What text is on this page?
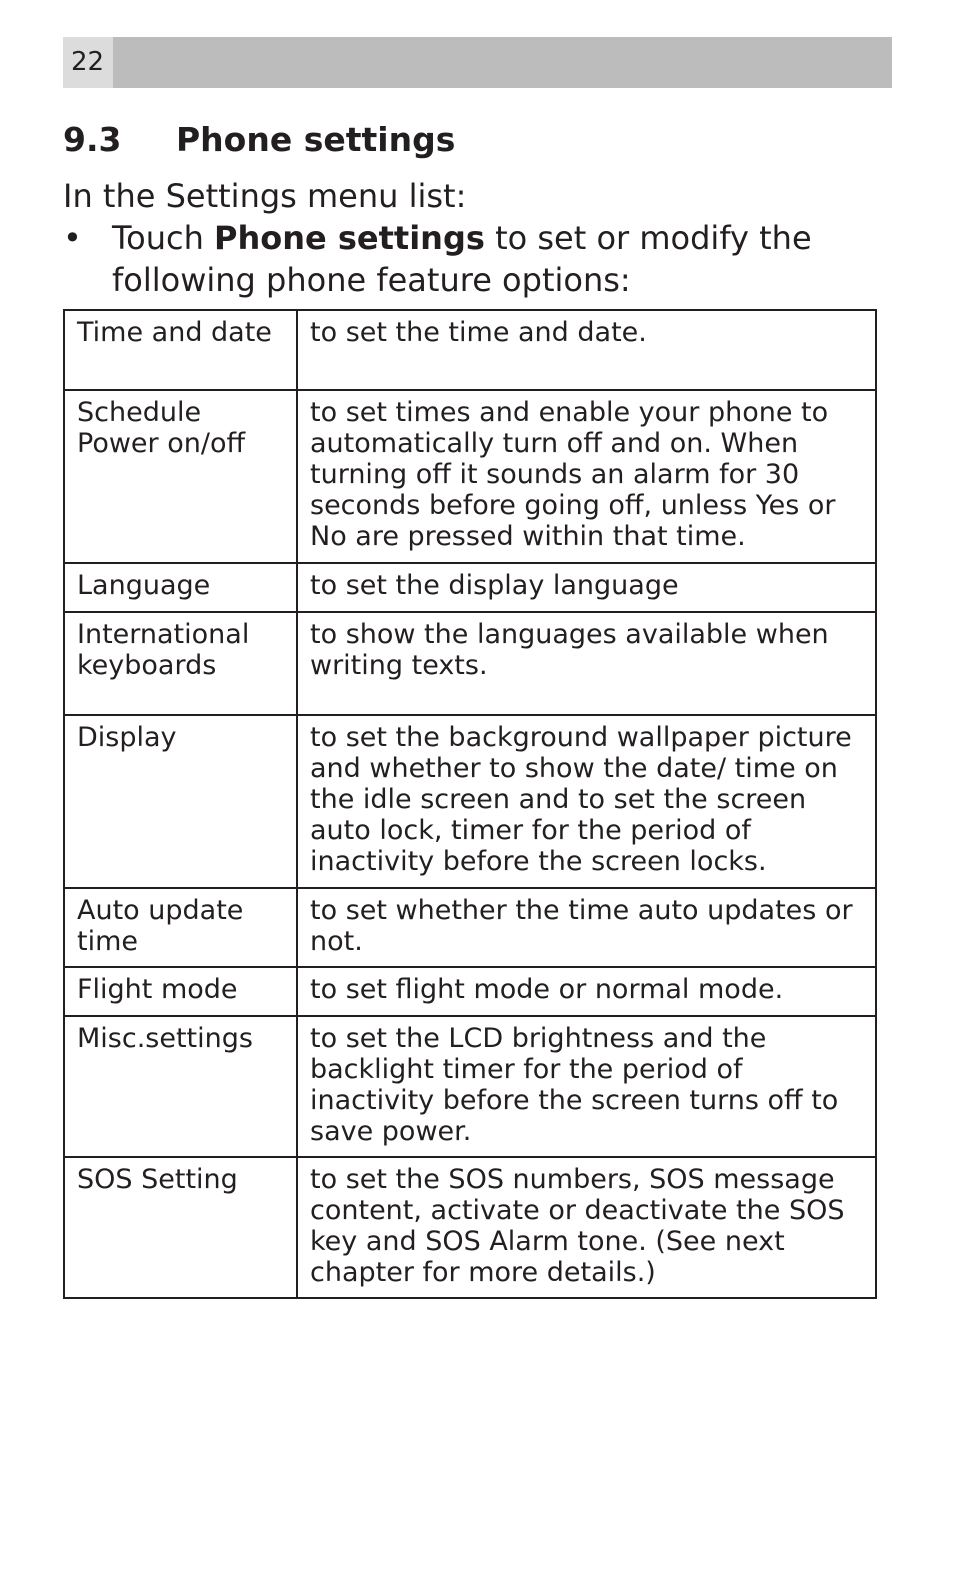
22
9.3 Phone settings
In the Settings menu list:
• Touch Phone settings to set or modify the following phone feature options:
Time and date	to set the time and date.
Schedule Power on/off	to set times and enable your phone to automatically turn off and on. When turning off it sounds an alarm for 30 seconds before going off, unless Yes or No are pressed within that time.
Language	to set the display language
International keyboards	to show the languages available when writing texts.
Display	to set the background wallpaper picture and whether to show the date/ time on the idle screen and to set the screen auto lock, timer for the period of inactivity before the screen locks.
Auto update time	to set whether the time auto updates or not.
Flight mode	to set flight mode or normal mode.
Misc.settings	to set the LCD brightness and the backlight timer for the period of inactivity before the screen turns off to save power.
SOS Setting	to set the SOS numbers, SOS message content, activate or deactivate the SOS key and SOS Alarm tone. (See next chapter for more details.)
